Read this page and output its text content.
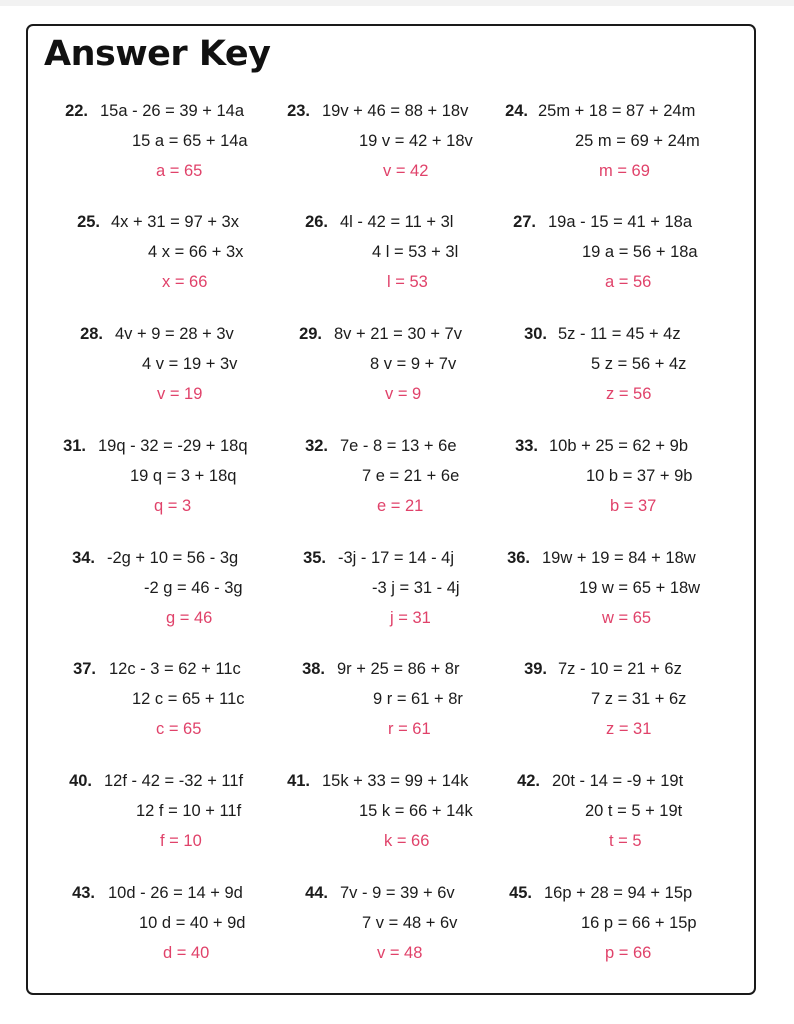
Answer Key
22. 15a - 26 = 39 + 14a
15 a = 65 + 14a
a = 65
23. 19v + 46 = 88 + 18v
19 v = 42 + 18v
v = 42
24. 25m + 18 = 87 + 24m
25 m = 69 + 24m
m = 69
25. 4x + 31 = 97 + 3x
4 x = 66 + 3x
x = 66
26. 4l - 42 = 11 + 3l
4 l = 53 + 3l
l = 53
27. 19a - 15 = 41 + 18a
19 a = 56 + 18a
a = 56
28. 4v + 9 = 28 + 3v
4 v = 19 + 3v
v = 19
29. 8v + 21 = 30 + 7v
8 v = 9 + 7v
v = 9
30. 5z - 11 = 45 + 4z
5 z = 56 + 4z
z = 56
31. 19q - 32 = -29 + 18q
19 q = 3 + 18q
q = 3
32. 7e - 8 = 13 + 6e
7 e = 21 + 6e
e = 21
33. 10b + 25 = 62 + 9b
10 b = 37 + 9b
b = 37
34. -2g + 10 = 56 - 3g
-2 g = 46 - 3g
g = 46
35. -3j - 17 = 14 - 4j
-3 j = 31 - 4j
j = 31
36. 19w + 19 = 84 + 18w
19 w = 65 + 18w
w = 65
37. 12c - 3 = 62 + 11c
12 c = 65 + 11c
c = 65
38. 9r + 25 = 86 + 8r
9 r = 61 + 8r
r = 61
39. 7z - 10 = 21 + 6z
7 z = 31 + 6z
z = 31
40. 12f - 42 = -32 + 11f
12 f = 10 + 11f
f = 10
41. 15k + 33 = 99 + 14k
15 k = 66 + 14k
k = 66
42. 20t - 14 = -9 + 19t
20 t = 5 + 19t
t = 5
43. 10d - 26 = 14 + 9d
10 d = 40 + 9d
d = 40
44. 7v - 9 = 39 + 6v
7 v = 48 + 6v
v = 48
45. 16p + 28 = 94 + 15p
16 p = 66 + 15p
p = 66
